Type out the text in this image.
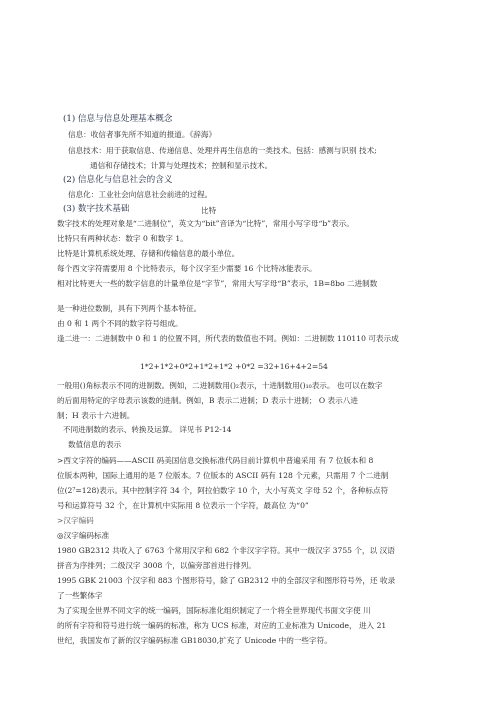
(1) 信息与信息处理基本概念
信息：收信者事先所不知道的报道。《辞海》
信息技术：用于获取信息、传递信息、处理并再生信息的一类技术。包括：感测与识别 技术;
通信和存储技术；计算与处理技术；控制和显示技术。
(2) 信息化与信息社会的含义
信息化：工业社会向信息社会前进的过程。
(3) 数字技术基础	比特
数字技术的处理对象是“二进制位”，英文为“bit”音译为“比特”，常用小写字母“b”表示。
比特只有两种状态：数字 0 和数字 1。
比特是计算机系统处理、存储和传输信息的最小单位。
每个西文字符需要用 8 个比特表示，每个汉字至少需要 16 个比特冰能表示。
相对比特更大一些的数字信息的计量单位是“字节”，常用大写字母“B”表示，1B=8bo 二进制数
是一种进位数制，具有下列两个基本特征。
由 0 和 1 两个不同的数字符号组成。
逢二进一：二进制数中 0 和 1 的位置不同，所代表的数值也不同。例如：二进制数 110110 可表示成
1*2+1*2+0*2+1*2+1*2 +0*2 =32+16+4+2=54
一般用()角标表示不同的进制数。例如，二进制数用()₂表示，十进制数用()₁₀表示。 也可以在数字
的后面用特定的字母表示该数的进制。例如，B 表示二进制；D 表示十进制； O 表示八进
制；H 表示十六进制。
不同进制数的表示、转换及运算。 详见书 P12-14
数值信息的表示
>西文字符的编码——ASCII 码美国信息交换标准代码目前计算机中普遍采用 有 7 位版本和 8
位版本两种，国际上通用的是 7 位版本。7 位版本的 ASCII 码有 128 个元素，只需用 7 个二进制
位(2⁷=128)表示。其中控制字符 34 个，阿拉伯数字 10 个，大小写英文 字母 52 个，各种标点符
号和运算符号 32 个，在计算机中实际用 8 位表示一个字符，最高位 为“0”
>汉字编码
◎汉字编码标准
1980 GB2312 共收入了 6763 个常用汉字和 682 个非汉字字符。其中一级汉字 3755 个，以 汉语
拼音为序排列；二级汉字 3008 个，以偏旁部首进行排列。
1995 GBK 21003 个汉字和 883 个图形符号，除了 GB2312 中的全部汉字和图形符号外，还 收录
了一些繁体字
为了实现全世界不同文字的统一编码，国际标准化组织制定了一个将全世界现代书面文字使 川
的所有字符和符号进行统一编码的标准，称为 UCS 标准，对应的工业标准为 Unicode， 进入 21
世纪，我国发布了新的汉字编码标准 GB18030,扩充了 Unicode 中的一些字符。
